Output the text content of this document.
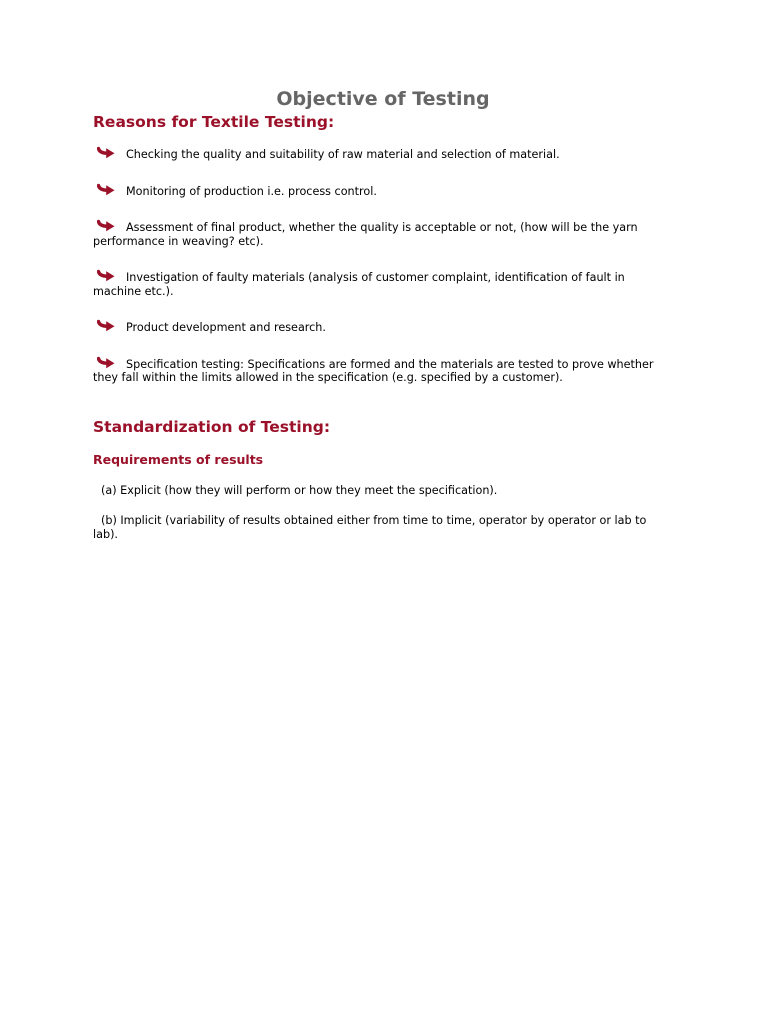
Objective of Testing
Reasons for Textile Testing:
Checking the quality and suitability of raw material and selection of material.
Monitoring of production i.e. process control.
Assessment of final product, whether the quality is acceptable or not, (how will be the yarn performance in weaving? etc).
Investigation of faulty materials (analysis of customer complaint, identification of fault in machine etc.).
Product development and research.
Specification testing: Specifications are formed and the materials are tested to prove whether they fall within the limits allowed in the specification (e.g. specified by a customer).
Standardization of Testing:
Requirements of results

(a) Explicit (how they will perform or how they meet the specification).

(b) Implicit (variability of results obtained either from time to time, operator by operator or lab to lab).
